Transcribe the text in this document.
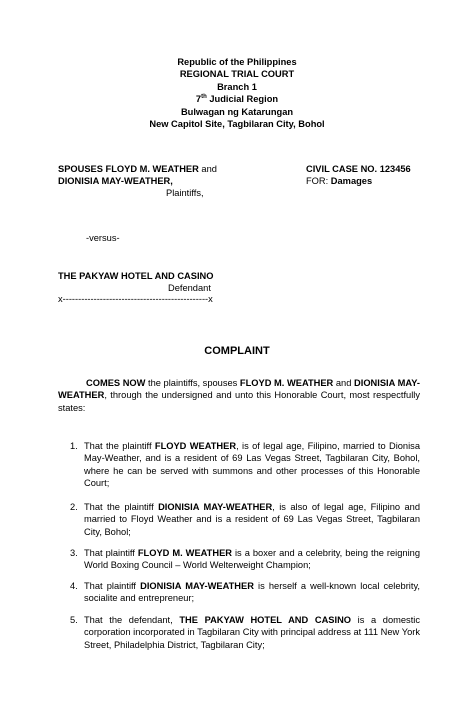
Republic of the Philippines
REGIONAL TRIAL COURT
Branch 1
7th Judicial Region
Bulwagan ng Katarungan
New Capitol Site, Tagbilaran City, Bohol
SPOUSES FLOYD M. WEATHER and
DIONISIA MAY-WEATHER,
Plaintiffs,
-versus-
THE PAKYAW HOTEL AND CASINO
Defendant
x-----------------------------------------------x
CIVIL CASE NO. 123456
FOR: Damages
COMPLAINT
COMES NOW the plaintiffs, spouses FLOYD M. WEATHER and DIONISIA MAY-WEATHER, through the undersigned and unto this Honorable Court, most respectfully states:
1. That the plaintiff FLOYD WEATHER, is of legal age, Filipino, married to Dionisa May-Weather, and is a resident of 69 Las Vegas Street, Tagbilaran City, Bohol, where he can be served with summons and other processes of this Honorable Court;
2. That the plaintiff DIONISIA MAY-WEATHER, is also of legal age, Filipino and married to Floyd Weather and is a resident of 69 Las Vegas Street, Tagbilaran City, Bohol;
3. That plaintiff FLOYD M. WEATHER is a boxer and a celebrity, being the reigning World Boxing Council – World Welterweight Champion;
4. That plaintiff DIONISIA MAY-WEATHER is herself a well-known local celebrity, socialite and entrepreneur;
5. That the defendant, THE PAKYAW HOTEL AND CASINO is a domestic corporation incorporated in Tagbilaran City with principal address at 111 New York Street, Philadelphia District, Tagbilaran City;
